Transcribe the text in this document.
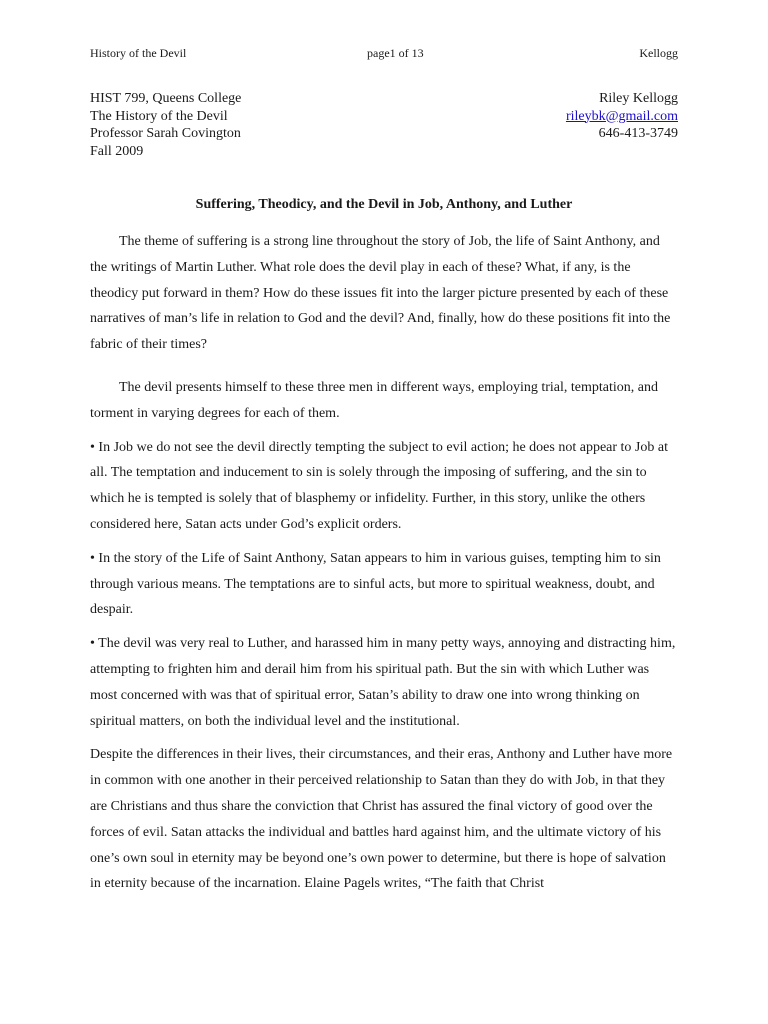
History of the Devil	page1 of 13	Kellogg
HIST 799, Queens College
The History of the Devil
Professor Sarah Covington
Fall 2009
Riley Kellogg
rileybk@gmail.com
646-413-3749
Suffering, Theodicy, and the Devil in Job, Anthony, and Luther

The theme of suffering is a strong line throughout the story of Job, the life of Saint Anthony, and the writings of Martin Luther. What role does the devil play in each of these? What, if any, is the theodicy put forward in them? How do these issues fit into the larger picture presented by each of these narratives of man’s life in relation to God and the devil? And, finally, how do these positions fit into the fabric of their times?

The devil presents himself to these three men in different ways, employing trial, temptation, and torment in varying degrees for each of them.

• In Job we do not see the devil directly tempting the subject to evil action; he does not appear to Job at all. The temptation and inducement to sin is solely through the imposing of suffering, and the sin to which he is tempted is solely that of blasphemy or infidelity. Further, in this story, unlike the others considered here, Satan acts under God’s explicit orders.

• In the story of the Life of Saint Anthony, Satan appears to him in various guises, tempting him to sin through various means. The temptations are to sinful acts, but more to spiritual weakness, doubt, and despair.

• The devil was very real to Luther, and harassed him in many petty ways, annoying and distracting him, attempting to frighten him and derail him from his spiritual path. But the sin with which Luther was most concerned with was that of spiritual error, Satan’s ability to draw one into wrong thinking on spiritual matters, on both the individual level and the institutional.

Despite the differences in their lives, their circumstances, and their eras, Anthony and Luther have more in common with one another in their perceived relationship to Satan than they do with Job, in that they are Christians and thus share the conviction that Christ has assured the final victory of good over the forces of evil. Satan attacks the individual and battles hard against him, and the ultimate victory of his one’s own soul in eternity may be beyond one’s own power to determine, but there is hope of salvation in eternity because of the incarnation. Elaine Pagels writes, “The faith that Christ
